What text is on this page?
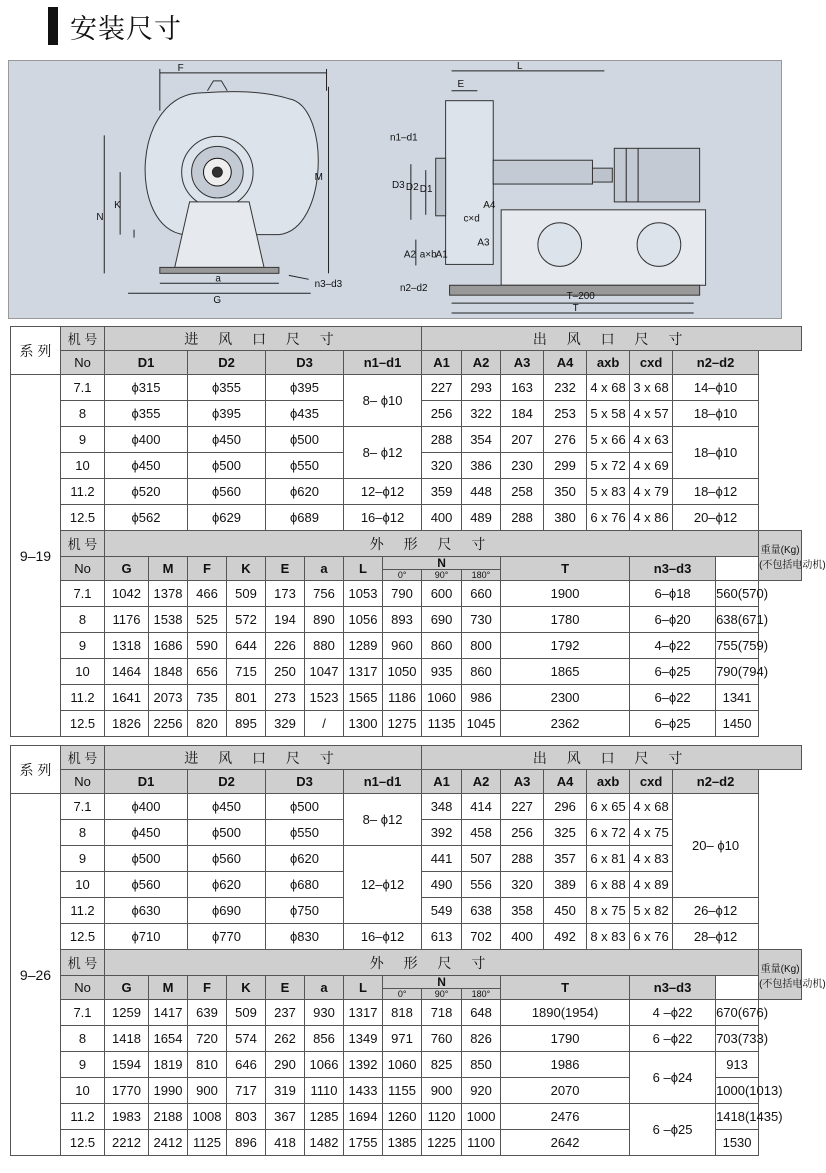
安装尺寸
F
M
N
K
a
G
n3–d3
L
E
n1–d1
D3 D2 D1
A4
c×d
A2 a×b A1
A3
n2–d2
T–200
T
系 列	机 号	进 风 口 尺 寸								出 风 口 尺 寸								
	No	D1		D2		D3		n1–d1		A1	A2	A3	A4	axb	cxd	n2–d2		
9–19	7.1	ϕ315		ϕ355		ϕ395		8– ϕ10		227	293	163	232	4 x 68	3 x 68	14–ϕ10		
	8	ϕ355		ϕ395		ϕ435				256	322	184	253	5 x 58	4 x 57	18–ϕ10		
	9	ϕ400		ϕ450		ϕ500		8– ϕ12		288	354	207	276	5 x 66	4 x 63	18–ϕ10		
	10	ϕ450		ϕ500		ϕ550				320	386	230	299	5 x 72	4 x 69			
	11.2	ϕ520		ϕ560		ϕ620		12–ϕ12		359	448	258	350	5 x 83	4 x 79	18–ϕ12		
	12.5	ϕ562		ϕ629		ϕ689		16–ϕ12		400	489	288	380	6 x 76	4 x 86	20–ϕ12		
	机 号	外 形 尺 寸																重量(Kg)
(不包括电动机)

	No	G	M	F	K	E	a	L	N
0° 90° 180°			T			n3–d3			
	7.1	1042	1378	466	509	173	756	1053	790	600	660	1900			6–ϕ18		560(570)	
	8	1176	1538	525	572	194	890	1056	893	690	730	1780			6–ϕ20		638(671)	
	9	1318	1686	590	644	226	880	1289	960	860	800	1792			4–ϕ22		755(759)	
	10	1464	1848	656	715	250	1047	1317	1050	935	860	1865			6–ϕ25		790(794)	
	11.2	1641	2073	735	801	273	1523	1565	1186	1060	986	2300			6–ϕ22		1341	
	12.5	1826	2256	820	895	329	/	1300	1275	1135	1045	2362			6–ϕ25		1450	
系 列	机 号	进 风 口 尺 寸								出 风 口 尺 寸								
	No	D1		D2		D3		n1–d1		A1	A2	A3	A4	axb	cxd	n2–d2		
9–26	7.1	ϕ400		ϕ450		ϕ500		8– ϕ12		348	414	227	296	6 x 65	4 x 68	20– ϕ10		
	8	ϕ450		ϕ500		ϕ550				392	458	256	325	6 x 72	4 x 75			
	9	ϕ500		ϕ560		ϕ620		12–ϕ12		441	507	288	357	6 x 81	4 x 83			
	10	ϕ560		ϕ620		ϕ680				490	556	320	389	6 x 88	4 x 89			
	11.2	ϕ630		ϕ690		ϕ750				549	638	358	450	8 x 75	5 x 82	26–ϕ12		
	12.5	ϕ710		ϕ770		ϕ830		16–ϕ12		613	702	400	492	8 x 83	6 x 76	28–ϕ12		
	机 号	外 形 尺 寸																重量(Kg)
(不包括电动机)

	No	G	M	F	K	E	a	L	N
0° 90° 180°			T			n3–d3			
	7.1	1259	1417	639	509	237	930	1317	818	718	648	1890(1954)			4 –ϕ22		670(676)	
	8	1418	1654	720	574	262	856	1349	971	760	826	1790			6 –ϕ22		703(733)	
	9	1594	1819	810	646	290	1066	1392	1060	825	850	1986			6 –ϕ24		913	
	10	1770	1990	900	717	319	1110	1433	1155	900	920	2070					1000(1013)	
	11.2	1983	2188	1008	803	367	1285	1694	1260	1120	1000	2476			6 –ϕ25		1418(1435)	
	12.5	2212	2412	1125	896	418	1482	1755	1385	1225	1100	2642					1530	
